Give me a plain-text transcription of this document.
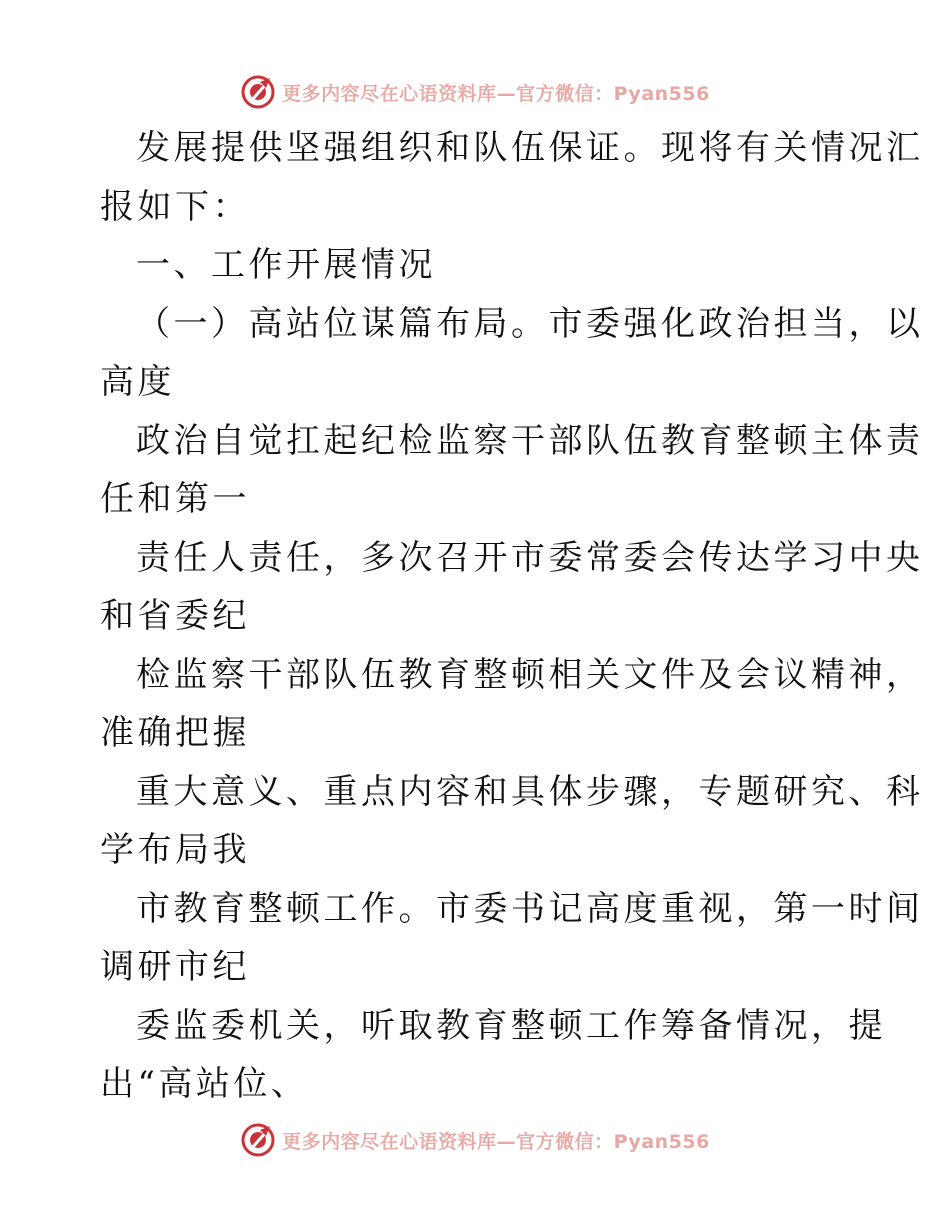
更多内容尽在心语资料库—官方微信：Pyan556
发展提供坚强组织和队伍保证。现将有关情况汇
报如下：
一、工作开展情况
（一）高站位谋篇布局。市委强化政治担当，以
高度
政治自觉扛起纪检监察干部队伍教育整顿主体责
任和第一
责任人责任，多次召开市委常委会传达学习中央
和省委纪
检监察干部队伍教育整顿相关文件及会议精神，
准确把握
重大意义、重点内容和具体步骤，专题研究、科
学布局我
市教育整顿工作。市委书记高度重视，第一时间
调研市纪
委监委机关，听取教育整顿工作筹备情况，提
出“高站位、
更多内容尽在心语资料库—官方微信：Pyan556
